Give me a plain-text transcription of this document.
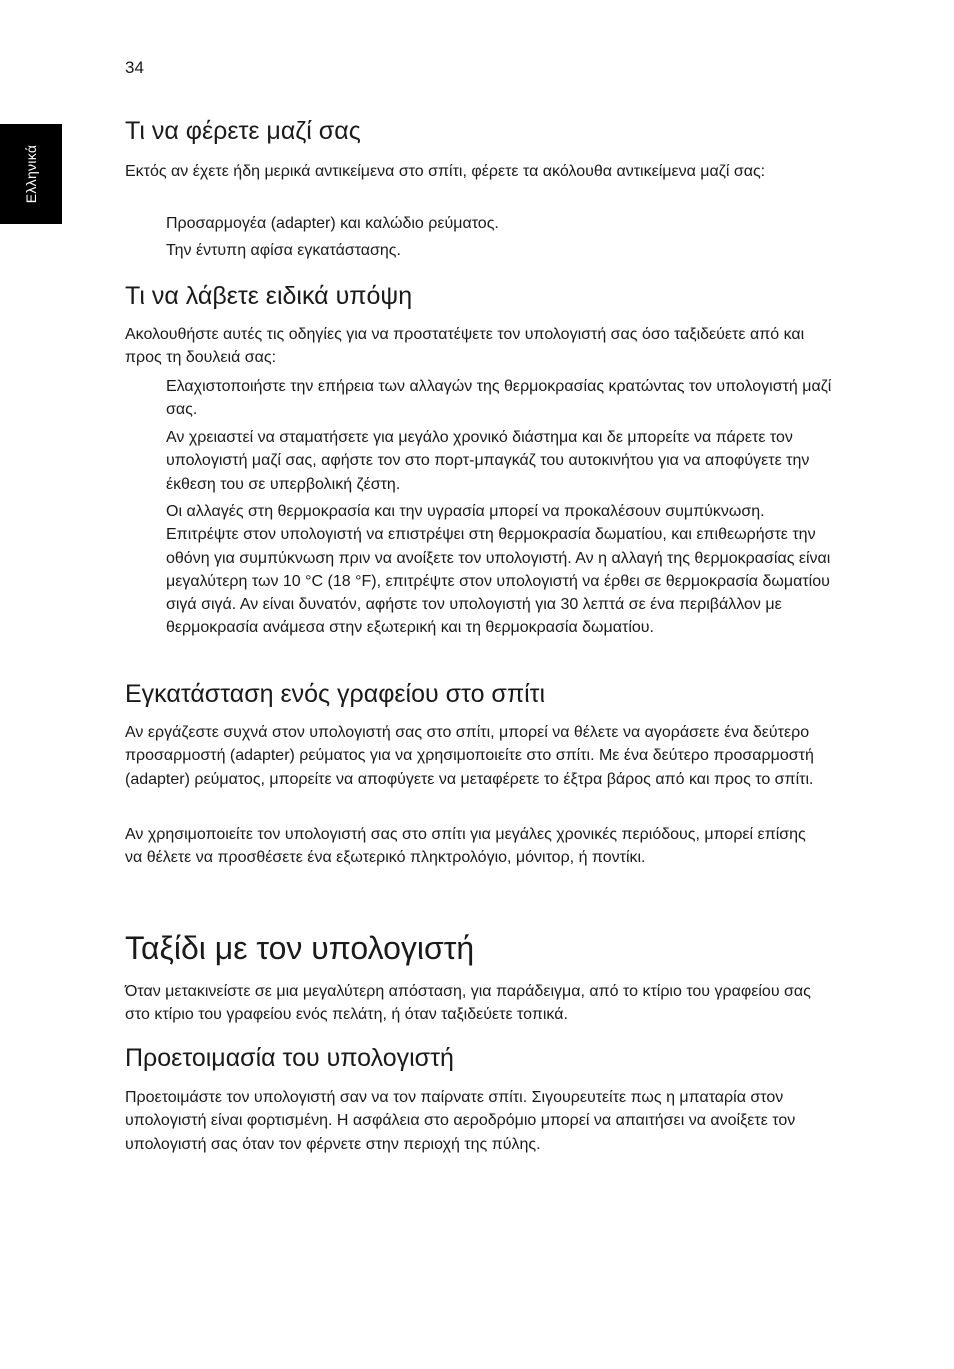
34
Ελληνικά
Τι να φέρετε μαζί σας

Εκτός αν έχετε ήδη μερικά αντικείμενα στο σπίτι, φέρετε τα ακόλουθα αντικείμενα μαζί σας:

Προσαρμογέα (adapter) και καλώδιο ρεύματος.

Την έντυπη αφίσα εγκατάστασης.

Τι να λάβετε ειδικά υπόψη

Ακολουθήστε αυτές τις οδηγίες για να προστατέψετε τον υπολογιστή σας όσο ταξιδεύετε από και προς τη δουλειά σας:

Ελαχιστοποιήστε την επήρεια των αλλαγών της θερμοκρασίας κρατώντας τον υπολογιστή μαζί σας.

Αν χρειαστεί να σταματήσετε για μεγάλο χρονικό διάστημα και δε μπορείτε να πάρετε τον υπολογιστή μαζί σας, αφήστε τον στο πορτ-μπαγκάζ του αυτοκινήτου για να αποφύγετε την έκθεση του σε υπερβολική ζέστη.

Οι αλλαγές στη θερμοκρασία και την υγρασία μπορεί να προκαλέσουν συμπύκνωση. Επιτρέψτε στον υπολογιστή να επιστρέψει στη θερμοκρασία δωματίου, και επιθεωρήστε την οθόνη για συμπύκνωση πριν να ανοίξετε τον υπολογιστή. Αν η αλλαγή της θερμοκρασίας είναι μεγαλύτερη των 10 °C (18 °F), επιτρέψτε στον υπολογιστή να έρθει σε θερμοκρασία δωματίου σιγά σιγά. Αν είναι δυνατόν, αφήστε τον υπολογιστή για 30 λεπτά σε ένα περιβάλλον με θερμοκρασία ανάμεσα στην εξωτερική και τη θερμοκρασία δωματίου.

Εγκατάσταση ενός γραφείου στο σπίτι

Αν εργάζεστε συχνά στον υπολογιστή σας στο σπίτι, μπορεί να θέλετε να αγοράσετε ένα δεύτερο προσαρμοστή (adapter) ρεύματος για να χρησιμοποιείτε στο σπίτι. Με ένα δεύτερο προσαρμοστή (adapter) ρεύματος, μπορείτε να αποφύγετε να μεταφέρετε το έξτρα βάρος από και προς το σπίτι.

Αν χρησιμοποιείτε τον υπολογιστή σας στο σπίτι για μεγάλες χρονικές περιόδους, μπορεί επίσης να θέλετε να προσθέσετε ένα εξωτερικό πληκτρολόγιο, μόνιτορ, ή ποντίκι.

Ταξίδι με τον υπολογιστή

Όταν μετακινείστε σε μια μεγαλύτερη απόσταση, για παράδειγμα, από το κτίριο του γραφείου σας στο κτίριο του γραφείου ενός πελάτη, ή όταν ταξιδεύετε τοπικά.

Προετοιμασία του υπολογιστή

Προετοιμάστε τον υπολογιστή σαν να τον παίρνατε σπίτι. Σιγουρευτείτε πως η μπαταρία στον υπολογιστή είναι φορτισμένη. Η ασφάλεια στο αεροδρόμιο μπορεί να απαιτήσει να ανοίξετε τον υπολογιστή σας όταν τον φέρνετε στην περιοχή της πύλης.
